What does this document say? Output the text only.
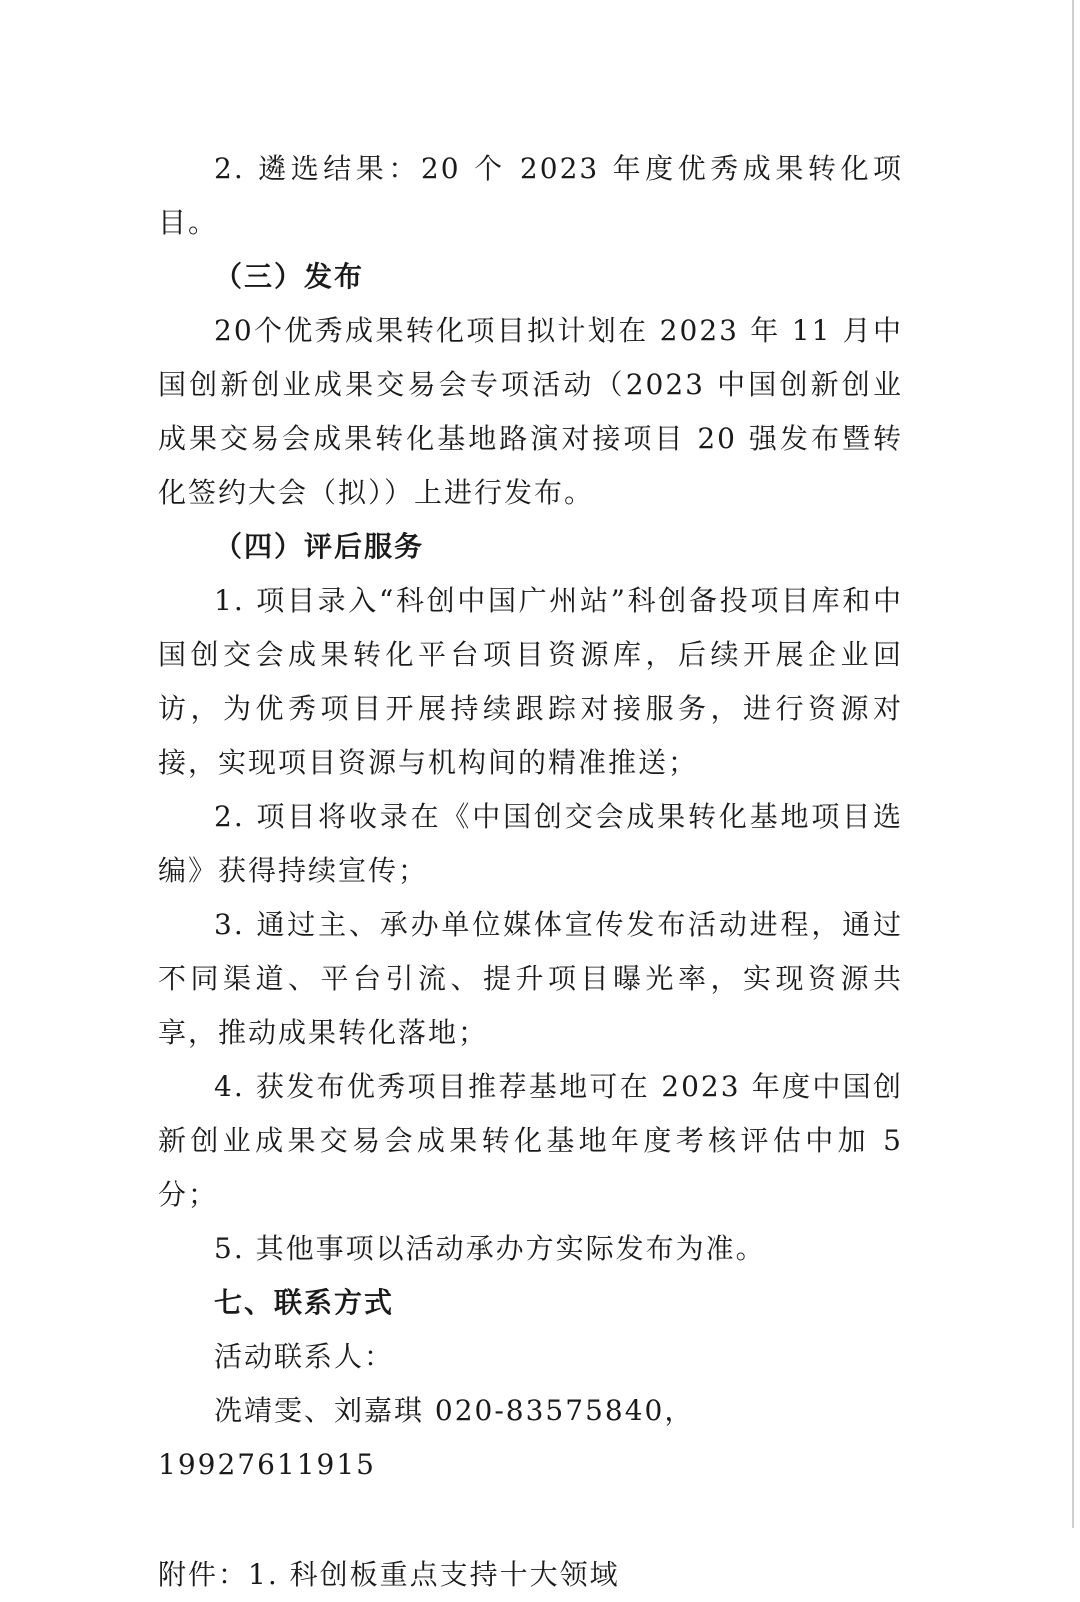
2. 遴选结果：20 个 2023 年度优秀成果转化项目。

（三）发布

20个优秀成果转化项目拟计划在 2023 年 11 月中国创新创业成果交易会专项活动（2023 中国创新创业成果交易会成果转化基地路演对接项目 20 强发布暨转化签约大会（拟））上进行发布。

（四）评后服务

1. 项目录入“科创中国广州站”科创备投项目库和中国创交会成果转化平台项目资源库，后续开展企业回访，为优秀项目开展持续跟踪对接服务，进行资源对接，实现项目资源与机构间的精准推送；

2. 项目将收录在《中国创交会成果转化基地项目选编》获得持续宣传；

3. 通过主、承办单位媒体宣传发布活动进程，通过不同渠道、平台引流、提升项目曝光率，实现资源共享，推动成果转化落地；

4. 获发布优秀项目推荐基地可在 2023 年度中国创新创业成果交易会成果转化基地年度考核评估中加 5 分；

5. 其他事项以活动承办方实际发布为准。

七、联系方式

活动联系人：

冼靖雯、刘嘉琪 020-83575840，19927611915

附件：1. 科创板重点支持十大领域
